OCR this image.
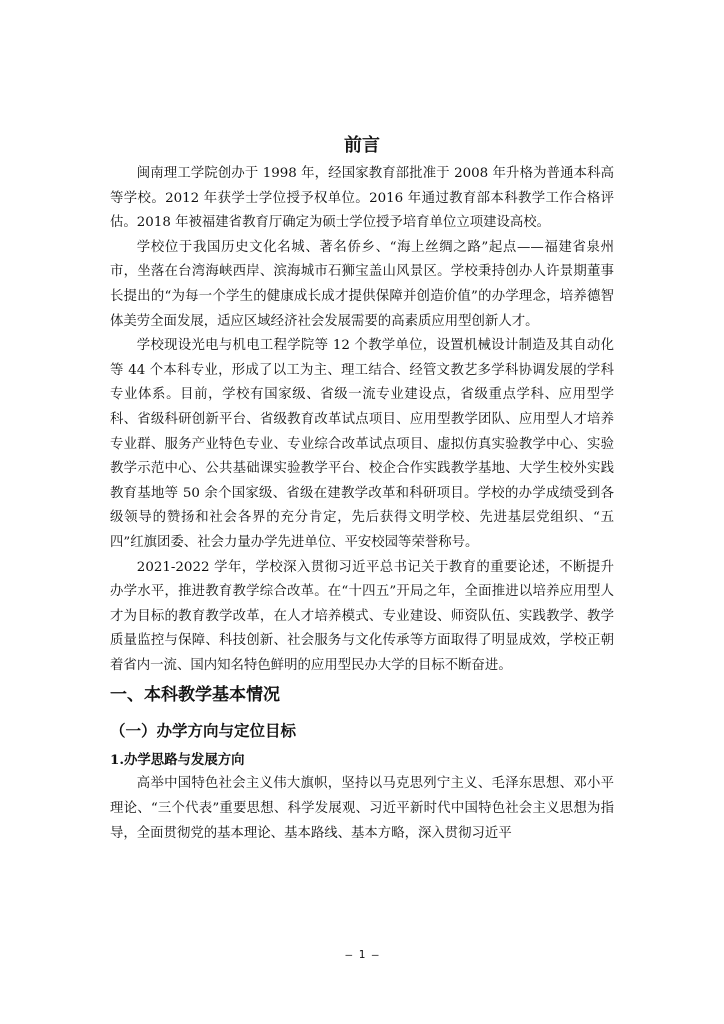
前言

闽南理工学院创办于 1998 年，经国家教育部批准于 2008 年升格为普通本科高等学校。2012 年获学士学位授予权单位。2016 年通过教育部本科教学工作合格评估。2018 年被福建省教育厅确定为硕士学位授予培育单位立项建设高校。

学校位于我国历史文化名城、著名侨乡、“海上丝绸之路”起点——福建省泉州市，坐落在台湾海峡西岸、滨海城市石狮宝盖山风景区。学校秉持创办人许景期董事长提出的“为每一个学生的健康成长成才提供保障并创造价值”的办学理念，培养德智体美劳全面发展，适应区域经济社会发展需要的高素质应用型创新人才。

学校现设光电与机电工程学院等 12 个教学单位，设置机械设计制造及其自动化等 44 个本科专业，形成了以工为主、理工结合、经管文教艺多学科协调发展的学科专业体系。目前，学校有国家级、省级一流专业建设点，省级重点学科、应用型学科、省级科研创新平台、省级教育改革试点项目、应用型教学团队、应用型人才培养专业群、服务产业特色专业、专业综合改革试点项目、虚拟仿真实验教学中心、实验教学示范中心、公共基础课实验教学平台、校企合作实践教学基地、大学生校外实践教育基地等 50 余个国家级、省级在建教学改革和科研项目。学校的办学成绩受到各级领导的赞扬和社会各界的充分肯定，先后获得文明学校、先进基层党组织、“五四”红旗团委、社会力量办学先进单位、平安校园等荣誉称号。

2021-2022 学年，学校深入贯彻习近平总书记关于教育的重要论述，不断提升办学水平，推进教育教学综合改革。在“十四五”开局之年，全面推进以培养应用型人才为目标的教育教学改革，在人才培养模式、专业建设、师资队伍、实践教学、教学质量监控与保障、科技创新、社会服务与文化传承等方面取得了明显成效，学校正朝着省内一流、国内知名特色鲜明的应用型民办大学的目标不断奋进。

一、本科教学基本情况
（一）办学方向与定位目标
1.办学思路与发展方向

高举中国特色社会主义伟大旗帜，坚持以马克思列宁主义、毛泽东思想、邓小平理论、“三个代表”重要思想、科学发展观、习近平新时代中国特色社会主义思想为指导，全面贯彻党的基本理论、基本路线、基本方略，深入贯彻习近平

— 1 —
